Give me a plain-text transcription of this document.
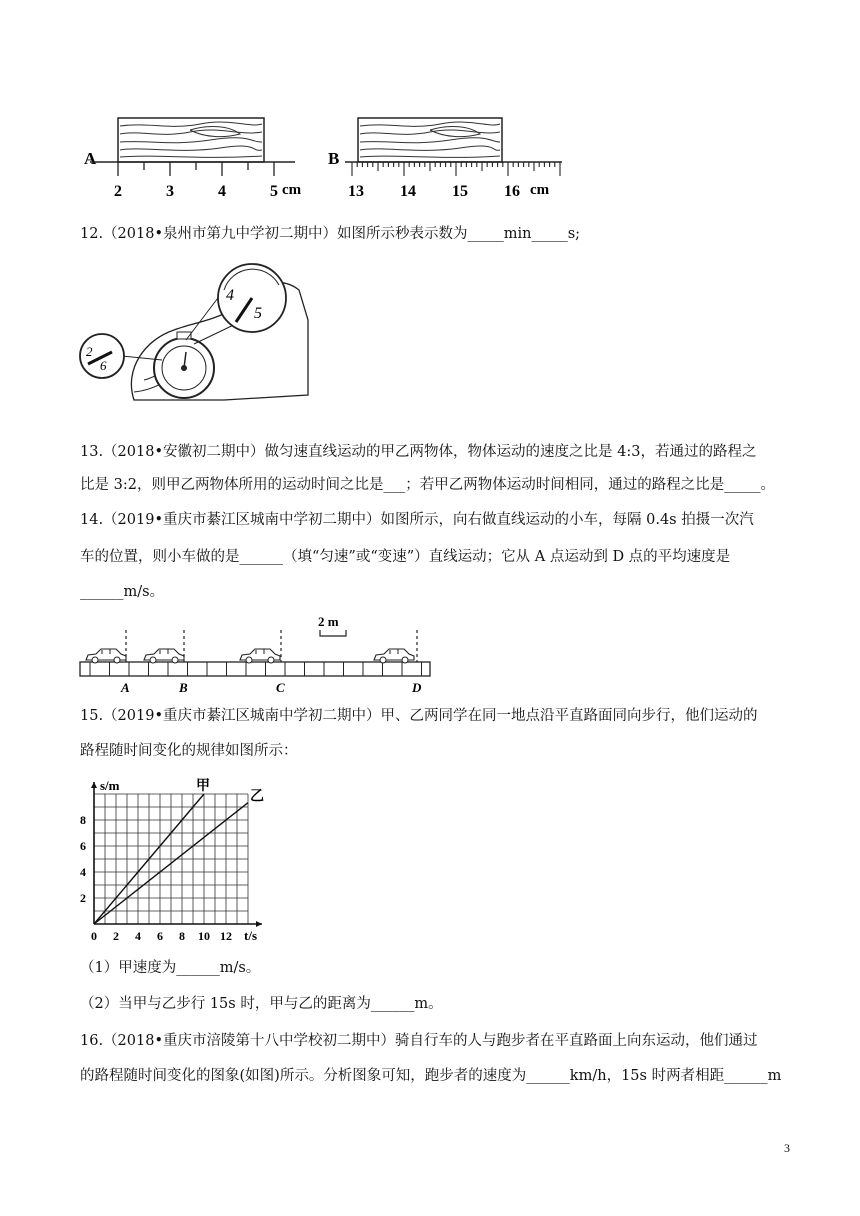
A
2	3	4	5 cm
B
13 14 15 16 cm
12.（2018•泉州市第九中学初二期中）如图所示秒表示数为_____min_____s;
4
5
2
6
13.（2018•安徽初二期中）做匀速直线运动的甲乙两物体，物体运动的速度之比是 4:3，若通过的路程之
比是 3:2，则甲乙两物体所用的运动时间之比是___；若甲乙两物体运动时间相同，通过的路程之比是_____。
14.（2019•重庆市綦江区城南中学初二期中）如图所示，向右做直线运动的小车，每隔 0.4s 拍摄一次汽
车的位置，则小车做的是______（填“匀速”或“变速”）直线运动；它从 A 点运动到 D 点的平均速度是
______m/s。
2 m
A	B	C	D
15.（2019•重庆市綦江区城南中学初二期中）甲、乙两同学在同一地点沿平直路面同向步行，他们运动的
路程随时间变化的规律如图所示：
0 2 4 6 8 10 12
2
4
6
8
t/s
s/m	甲
乙
（1）甲速度为______m/s。
（2）当甲与乙步行 15s 时，甲与乙的距离为______m。
16.（2018•重庆市涪陵第十八中学校初二期中）骑自行车的人与跑步者在平直路面上向东运动，他们通过
的路程随时间变化的图象(如图)所示。分析图象可知，跑步者的速度为______km/h，15s 时两者相距______m
3
